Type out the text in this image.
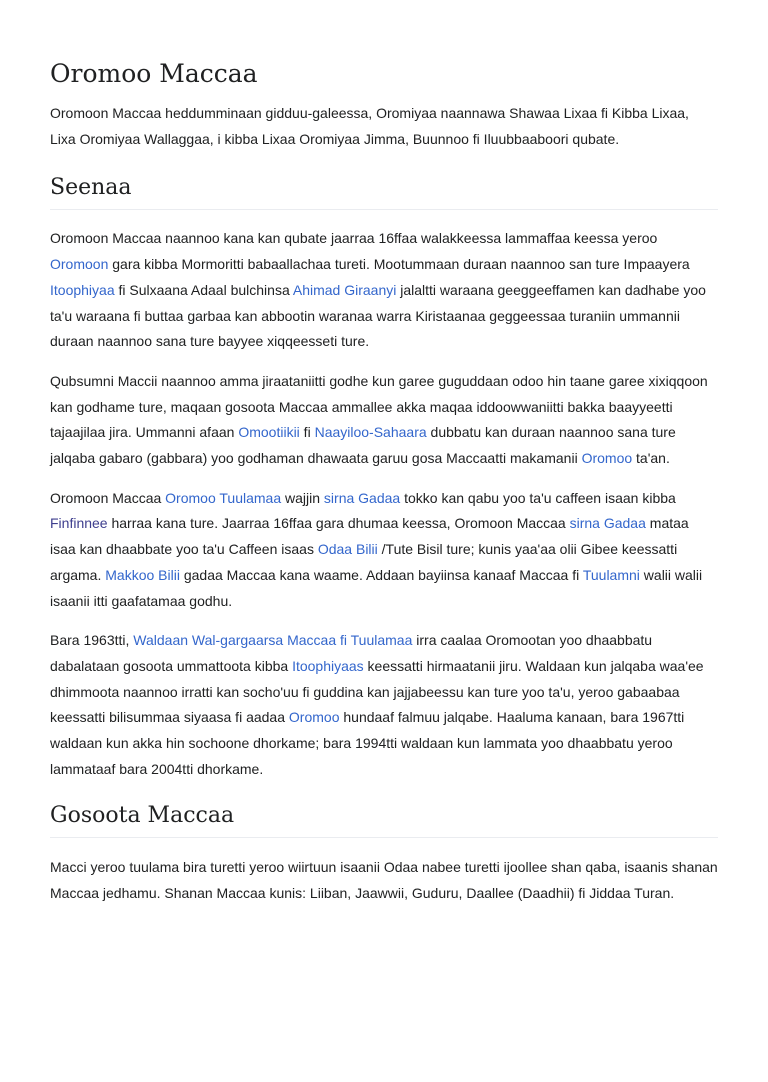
Oromoo Maccaa

Oromoon Maccaa heddumminaan gidduu-galeessa, Oromiyaa naannawa Shawaa Lixaa fi Kibba Lixaa, Lixa Oromiyaa Wallaggaa, i kibba Lixaa Oromiyaa Jimma, Buunnoo fi Iluubbaaboori qubate.

Seenaa

Oromoon Maccaa naannoo kana kan qubate jaarraa 16ffaa walakkeessa lammaffaa keessa yeroo Oromoon gara kibba Mormoritti babaallachaa tureti. Mootummaan duraan naannoo san ture Impaayera Itoophiyaa fi Sulxaana Adaal bulchinsa Ahimad Giraanyi jalaltti waraana geeggeeffamen kan dadhabe yoo ta'u waraana fi buttaa garbaa kan abbootin waranaa warra Kiristaanaa geggeessaa turaniin ummannii duraan naannoo sana ture bayyee xiqqeesseti ture.

Qubsumni Maccii naannoo amma jiraataniitti godhe kun garee guguddaan odoo hin taane garee xixiqqoon kan godhame ture, maqaan gosoota Maccaa ammallee akka maqaa iddoowwaniitti bakka baayyeetti tajaajilaa jira. Ummanni afaan Omootiikii fi Naayiloo-Sahaara dubbatu kan duraan naannoo sana ture jalqaba gabaro (gabbara) yoo godhaman dhawaata garuu gosa Maccaatti makamanii Oromoo ta'an.

Oromoon Maccaa Oromoo Tuulamaa wajjin sirna Gadaa tokko kan qabu yoo ta'u caffeen isaan kibba Finfinnee harraa kana ture. Jaarraa 16ffaa gara dhumaa keessa, Oromoon Maccaa sirna Gadaa mataa isaa kan dhaabbate yoo ta'u Caffeen isaas Odaa Bilii /Tute Bisil ture; kunis yaa'aa olii Gibee keessatti argama. Makkoo Bilii gadaa Maccaa kana waame. Addaan bayiinsa kanaaf Maccaa fi Tuulamni walii walii isaanii itti gaafatamaa godhu.

Bara 1963tti, Waldaan Wal-gargaarsa Maccaa fi Tuulamaa irra caalaa Oromootan yoo dhaabbatu dabalataan gosoota ummattoota kibba Itoophiyaas keessatti hirmaatanii jiru. Waldaan kun jalqaba waa'ee dhimmoota naannoo irratti kan socho'uu fi guddina kan jajjabeessu kan ture yoo ta'u, yeroo gabaabaa keessatti bilisummaa siyaasa fi aadaa Oromoo hundaaf falmuu jalqabe. Haaluma kanaan, bara 1967tti waldaan kun akka hin sochoone dhorkame; bara 1994tti waldaan kun lammata yoo dhaabbatu yeroo lammataaf bara 2004tti dhorkame.

Gosoota Maccaa

Macci yeroo tuulama bira turetti yeroo wiirtuun isaanii Odaa nabee turetti ijoollee shan qaba, isaanis shanan Maccaa jedhamu. Shanan Maccaa kunis: Liiban, Jaawwii, Guduru, Daallee (Daadhii) fi Jiddaa Turan.
